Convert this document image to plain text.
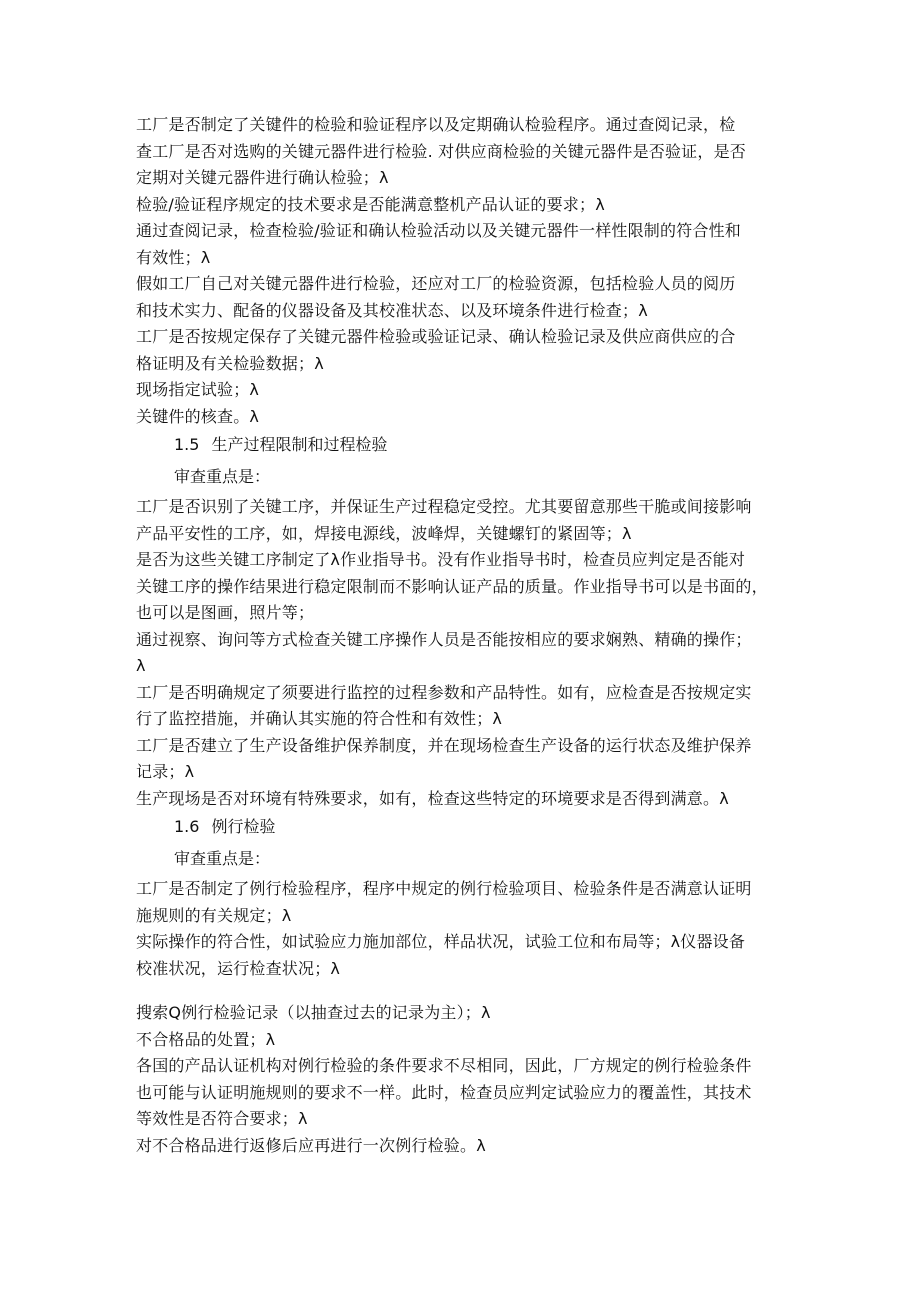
工厂是否制定了关键件的检验和验证程序以及定期确认检验程序。通过查阅记录，检
查工厂是否对选购的关键元器件进行检验. 对供应商检验的关键元器件是否验证，是否
定期对关键元器件进行确认检验；λ
检验/验证程序规定的技术要求是否能满意整机产品认证的要求；λ
通过查阅记录，检查检验/验证和确认检验活动以及关键元器件一样性限制的符合性和
有效性；λ
假如工厂自己对关键元器件进行检验，还应对工厂的检验资源，包括检验人员的阅历
和技术实力、配备的仪器设备及其校准状态、以及环境条件进行检查；λ
工厂是否按规定保存了关键元器件检验或验证记录、确认检验记录及供应商供应的合
格证明及有关检验数据；λ
现场指定试验；λ
关键件的核查。λ
1.5 生产过程限制和过程检验
审查重点是：
工厂是否识别了关键工序，并保证生产过程稳定受控。尤其要留意那些干脆或间接影响
产品平安性的工序，如，焊接电源线，波峰焊，关键螺钉的紧固等；λ
是否为这些关键工序制定了λ作业指导书。没有作业指导书时，检查员应判定是否能对
关键工序的操作结果进行稳定限制而不影响认证产品的质量。作业指导书可以是书面的，
也可以是图画，照片等；
通过视察、询问等方式检查关键工序操作人员是否能按相应的要求娴熟、精确的操作；
λ
工厂是否明确规定了须要进行监控的过程参数和产品特性。如有，应检查是否按规定实
行了监控措施，并确认其实施的符合性和有效性；λ
工厂是否建立了生产设备维护保养制度，并在现场检查生产设备的运行状态及维护保养
记录；λ
生产现场是否对环境有特殊要求，如有，检查这些特定的环境要求是否得到满意。λ
1.6 例行检验
审查重点是：
工厂是否制定了例行检验程序，程序中规定的例行检验项目、检验条件是否满意认证明
施规则的有关规定；λ
实际操作的符合性，如试验应力施加部位，样品状况，试验工位和布局等；λ仪器设备
校准状况，运行检查状况；λ
搜索Q例行检验记录（以抽查过去的记录为主）；λ
不合格品的处置；λ
各国的产品认证机构对例行检验的条件要求不尽相同，因此，厂方规定的例行检验条件
也可能与认证明施规则的要求不一样。此时，检查员应判定试验应力的覆盖性，其技术
等效性是否符合要求；λ
对不合格品进行返修后应再进行一次例行检验。λ
